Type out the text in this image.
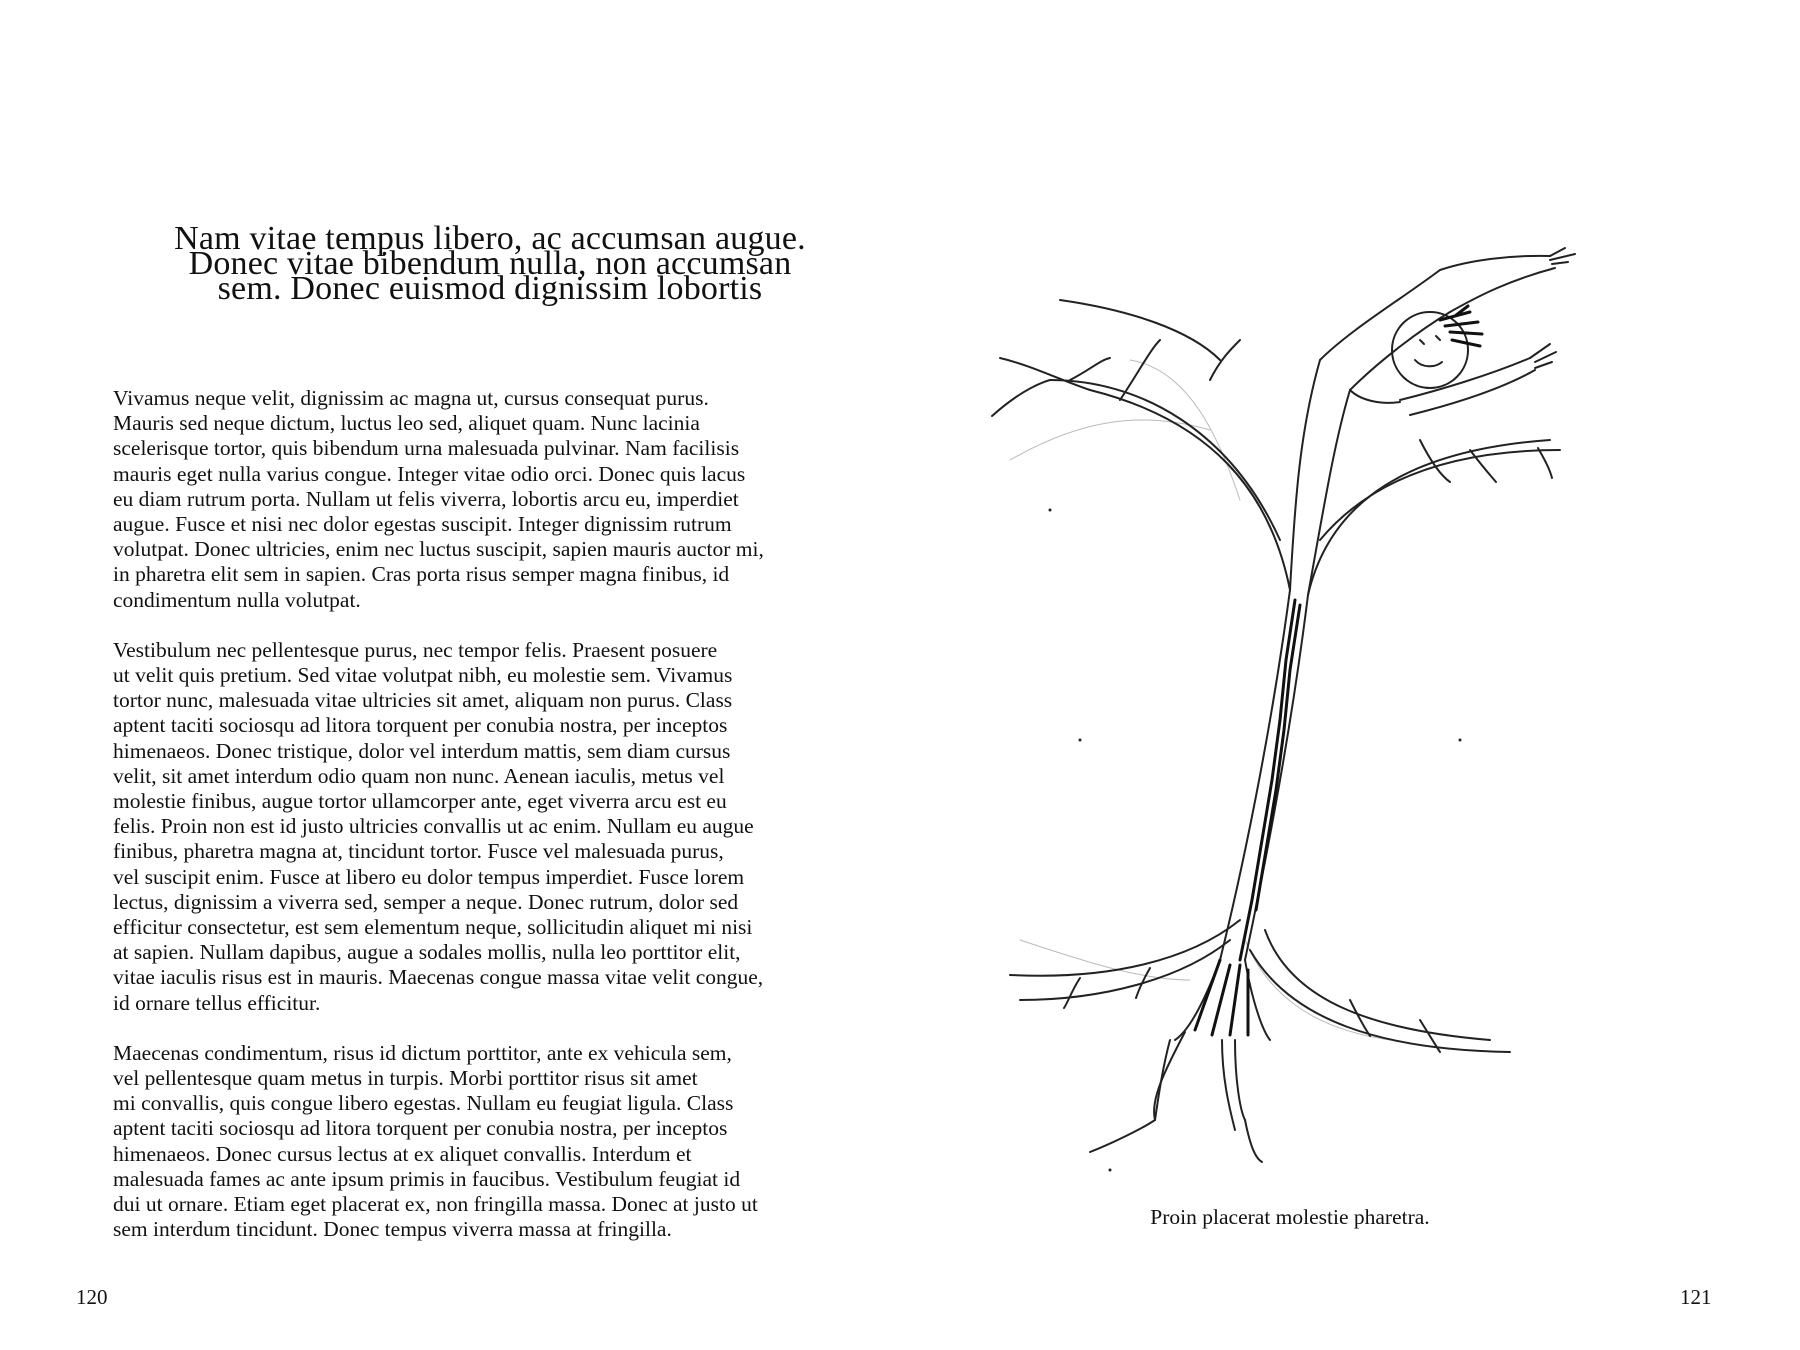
Nam vitae tempus libero, ac accumsan augue. Donec vitae bibendum nulla, non accumsan sem. Donec euismod dignissim lobortis

Vivamus neque velit, dignissim ac magna ut, cursus consequat purus.
Mauris sed neque dictum, luctus leo sed, aliquet quam. Nunc lacinia
scelerisque tortor, quis bibendum urna malesuada pulvinar. Nam facilisis
mauris eget nulla varius congue. Integer vitae odio orci. Donec quis lacus
eu diam rutrum porta. Nullam ut felis viverra, lobortis arcu eu, imperdiet
augue. Fusce et nisi nec dolor egestas suscipit. Integer dignissim rutrum
volutpat. Donec ultricies, enim nec luctus suscipit, sapien mauris auctor mi,
in pharetra elit sem in sapien. Cras porta risus semper magna finibus, id
condimentum nulla volutpat.

Vestibulum nec pellentesque purus, nec tempor felis. Praesent posuere
ut velit quis pretium. Sed vitae volutpat nibh, eu molestie sem. Vivamus
tortor nunc, malesuada vitae ultricies sit amet, aliquam non purus. Class
aptent taciti sociosqu ad litora torquent per conubia nostra, per inceptos
himenaeos. Donec tristique, dolor vel interdum mattis, sem diam cursus
velit, sit amet interdum odio quam non nunc. Aenean iaculis, metus vel
molestie finibus, augue tortor ullamcorper ante, eget viverra arcu est eu
felis. Proin non est id justo ultricies convallis ut ac enim. Nullam eu augue
finibus, pharetra magna at, tincidunt tortor. Fusce vel malesuada purus,
vel suscipit enim. Fusce at libero eu dolor tempus imperdiet. Fusce lorem
lectus, dignissim a viverra sed, semper a neque. Donec rutrum, dolor sed
efficitur consectetur, est sem elementum neque, sollicitudin aliquet mi nisi
at sapien. Nullam dapibus, augue a sodales mollis, nulla leo porttitor elit,
vitae iaculis risus est in mauris. Maecenas congue massa vitae velit congue,
id ornare tellus efficitur.

Maecenas condimentum, risus id dictum porttitor, ante ex vehicula sem,
vel pellentesque quam metus in turpis. Morbi porttitor risus sit amet
mi convallis, quis congue libero egestas. Nullam eu feugiat ligula. Class
aptent taciti sociosqu ad litora torquent per conubia nostra, per inceptos
himenaeos. Donec cursus lectus at ex aliquet convallis. Interdum et
malesuada fames ac ante ipsum primis in faucibus. Vestibulum feugiat id
dui ut ornare. Etiam eget placerat ex, non fringilla massa. Donec at justo ut
sem interdum tincidunt. Donec tempus viverra massa at fringilla.

120
Proin placerat molestie pharetra.
121
